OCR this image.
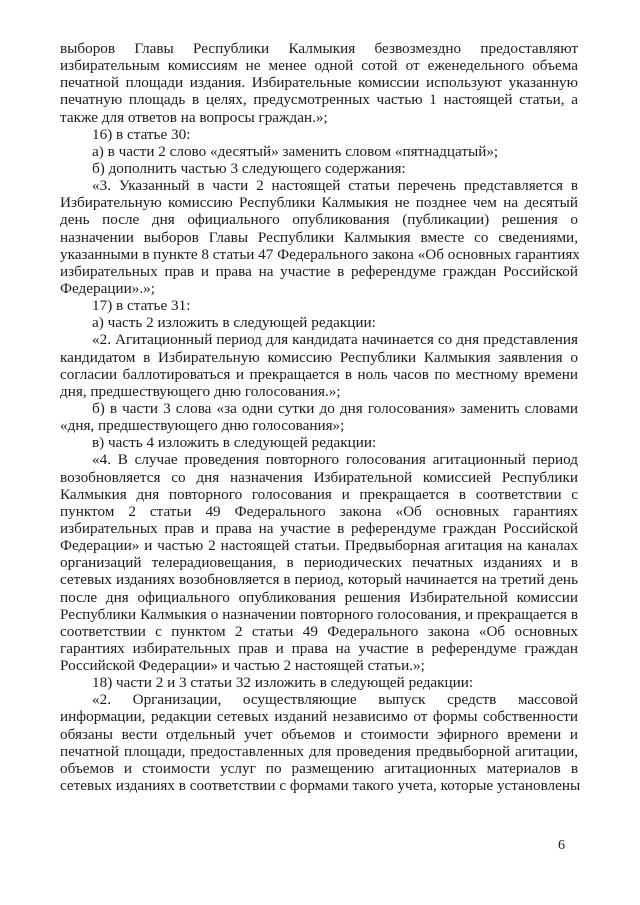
выборов Главы Республики Калмыкия безвозмездно предоставляют
избирательным комиссиям не менее одной сотой от еженедельного объема
печатной площади издания. Избирательные комиссии используют указанную
печатную площадь в целях, предусмотренных частью 1 настоящей статьи, а
также для ответов на вопросы граждан.»;
16) в статье 30:
а) в части 2 слово «десятый» заменить словом «пятнадцатый»;
б) дополнить частью 3 следующего содержания:
«3. Указанный в части 2 настоящей статьи перечень представляется в
Избирательную комиссию Республики Калмыкия не позднее чем на десятый
день после дня официального опубликования (публикации) решения о
назначении выборов Главы Республики Калмыкия вместе со сведениями,
указанными в пункте 8 статьи 47 Федерального закона «Об основных гарантиях
избирательных прав и права на участие в референдуме граждан Российской
Федерации».»;
17) в статье 31:
а) часть 2 изложить в следующей редакции:
«2. Агитационный период для кандидата начинается со дня представления
кандидатом в Избирательную комиссию Республики Калмыкия заявления о
согласии баллотироваться и прекращается в ноль часов по местному времени
дня, предшествующего дню голосования.»;
б) в части 3 слова «за одни сутки до дня голосования» заменить словами
«дня, предшествующего дню голосования»;
в) часть 4 изложить в следующей редакции:
«4. В случае проведения повторного голосования агитационный период
возобновляется со дня назначения Избирательной комиссией Республики
Калмыкия дня повторного голосования и прекращается в соответствии с
пунктом 2 статьи 49 Федерального закона «Об основных гарантиях
избирательных прав и права на участие в референдуме граждан Российской
Федерации» и частью 2 настоящей статьи. Предвыборная агитация на каналах
организаций телерадиовещания, в периодических печатных изданиях и в
сетевых изданиях возобновляется в период, который начинается на третий день
после дня официального опубликования решения Избирательной комиссии
Республики Калмыкия о назначении повторного голосования, и прекращается в
соответствии с пунктом 2 статьи 49 Федерального закона «Об основных
гарантиях избирательных прав и права на участие в референдуме граждан
Российской Федерации» и частью 2 настоящей статьи.»;
18) части 2 и 3 статьи 32 изложить в следующей редакции:
«2. Организации, осуществляющие выпуск средств массовой
информации, редакции сетевых изданий независимо от формы собственности
обязаны вести отдельный учет объемов и стоимости эфирного времени и
печатной площади, предоставленных для проведения предвыборной агитации,
объемов и стоимости услуг по размещению агитационных материалов в
сетевых изданиях в соответствии с формами такого учета, которые установлены
6
